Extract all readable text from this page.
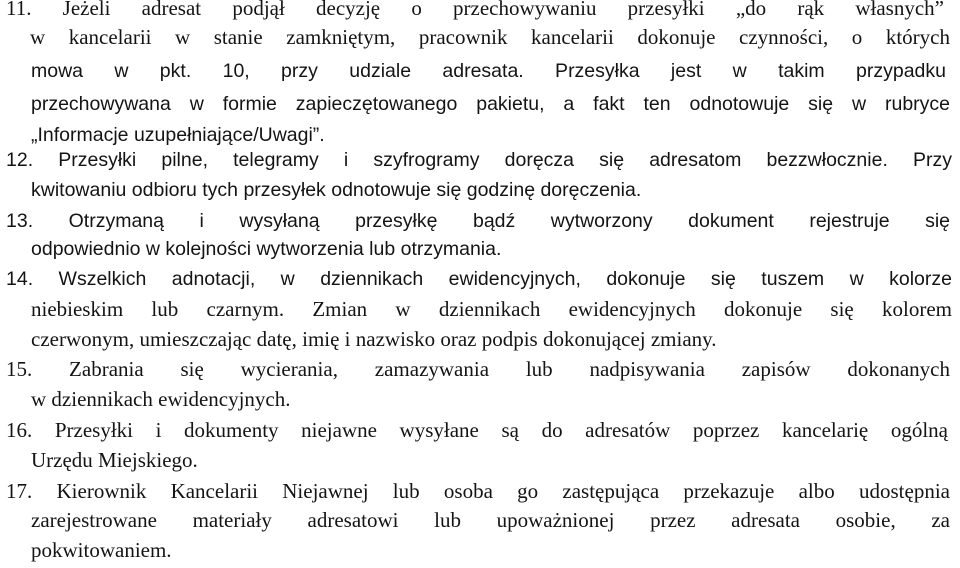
11. Jeżeli adresat podjął decyzję o przechowywaniu przesyłki „do rąk własnych”
w kancelarii w stanie zamkniętym, pracownik kancelarii dokonuje czynności, o których
mowa w pkt. 10, przy udziale adresata. Przesyłka jest w takim przypadku
przechowywana w formie zapieczętowanego pakietu, a fakt ten odnotowuje się w rubryce
„Informacje uzupełniające/Uwagi”.
12. Przesyłki pilne, telegramy i szyfrogramy doręcza się adresatom bezzwłocznie. Przy
kwitowaniu odbioru tych przesyłek odnotowuje się godzinę doręczenia.
13. Otrzymaną i wysyłaną przesyłkę bądź wytworzony dokument rejestruje się
odpowiednio w kolejności wytworzenia lub otrzymania.
14. Wszelkich adnotacji, w dziennikach ewidencyjnych, dokonuje się tuszem w kolorze
niebieskim lub czarnym. Zmian w dziennikach ewidencyjnych dokonuje się kolorem
czerwonym, umieszczając datę, imię i nazwisko oraz podpis dokonującej zmiany.
15. Zabrania się wycierania, zamazywania lub nadpisywania zapisów dokonanych
w dziennikach ewidencyjnych.
16. Przesyłki i dokumenty niejawne wysyłane są do adresatów poprzez kancelarię ogólną
Urzędu Miejskiego.
17. Kierownik Kancelarii Niejawnej lub osoba go zastępująca przekazuje albo udostępnia
zarejestrowane materiały adresatowi lub upoważnionej przez adresata osobie, za
pokwitowaniem.
